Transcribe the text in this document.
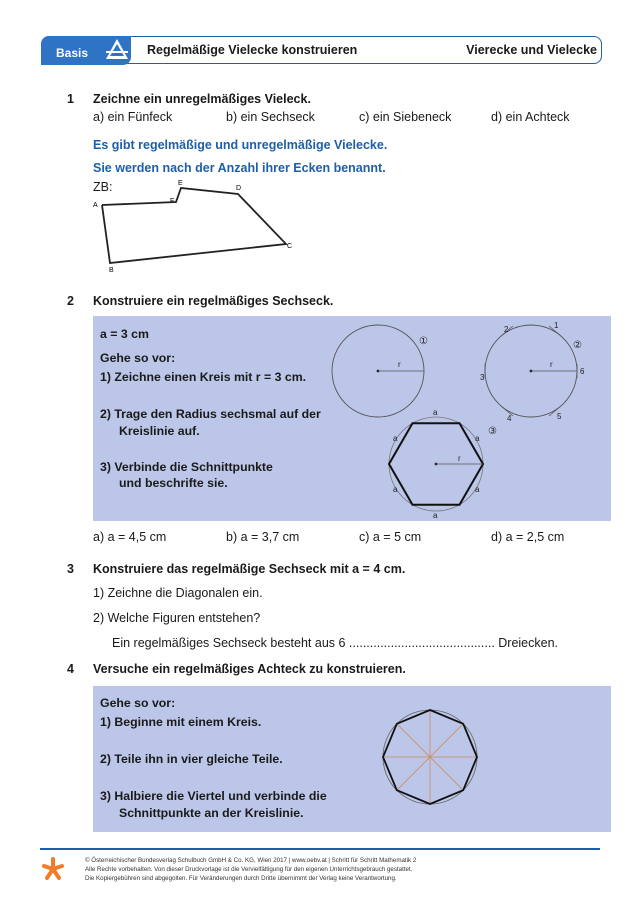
Basis	Regelmäßige Vielecke konstruieren	Vierecke und Vielecke
1 Zeichne ein unregelmäßiges Vieleck.
a) ein Fünfeck	b) ein Sechseck	c) ein Siebeneck	d) ein Achteck
Es gibt regelmäßige und unregelmäßige Vielecke.
Sie werden nach der Anzahl ihrer Ecken benannt.
ZB:
A
B
C
D
E
F
2 Konstruiere ein regelmäßiges Sechseck.
a = 3 cm
Gehe so vor:
1) Zeichne einen Kreis mit r = 3 cm.
2) Trage den Radius sechsmal auf der
Kreislinie auf.
3) Verbinde die Schnittpunkte
und beschrifte sie.
r
①
r
②
1
2
3
4	5
6
r
③
a
a
a
a
a
a
a) a = 4,5 cm	b) a = 3,7 cm	c) a = 5 cm	d) a = 2,5 cm
3 Konstruiere das regelmäßige Sechseck mit a = 4 cm.
1) Zeichne die Diagonalen ein.
2) Welche Figuren entstehen?
Ein regelmäßiges Sechseck besteht aus 6 .......................................... Dreiecken.
4 Versuche ein regelmäßiges Achteck zu konstruieren.
Gehe so vor:
1) Beginne mit einem Kreis.
2) Teile ihn in vier gleiche Teile.
3) Halbiere die Viertel und verbinde die
Schnittpunkte an der Kreislinie.
© Österreichischer Bundesverlag Schulbuch GmbH & Co. KG, Wien 2017 | www.oebv.at | Schritt für Schritt Mathematik 2
Alle Rechte vorbehalten. Von dieser Druckvorlage ist die Vervielfältigung für den eigenen Unterrichtsgebrauch gestattet.
Die Kopiergebühren sind abgegolten. Für Veränderungen durch Dritte übernimmt der Verlag keine Verantwortung.
